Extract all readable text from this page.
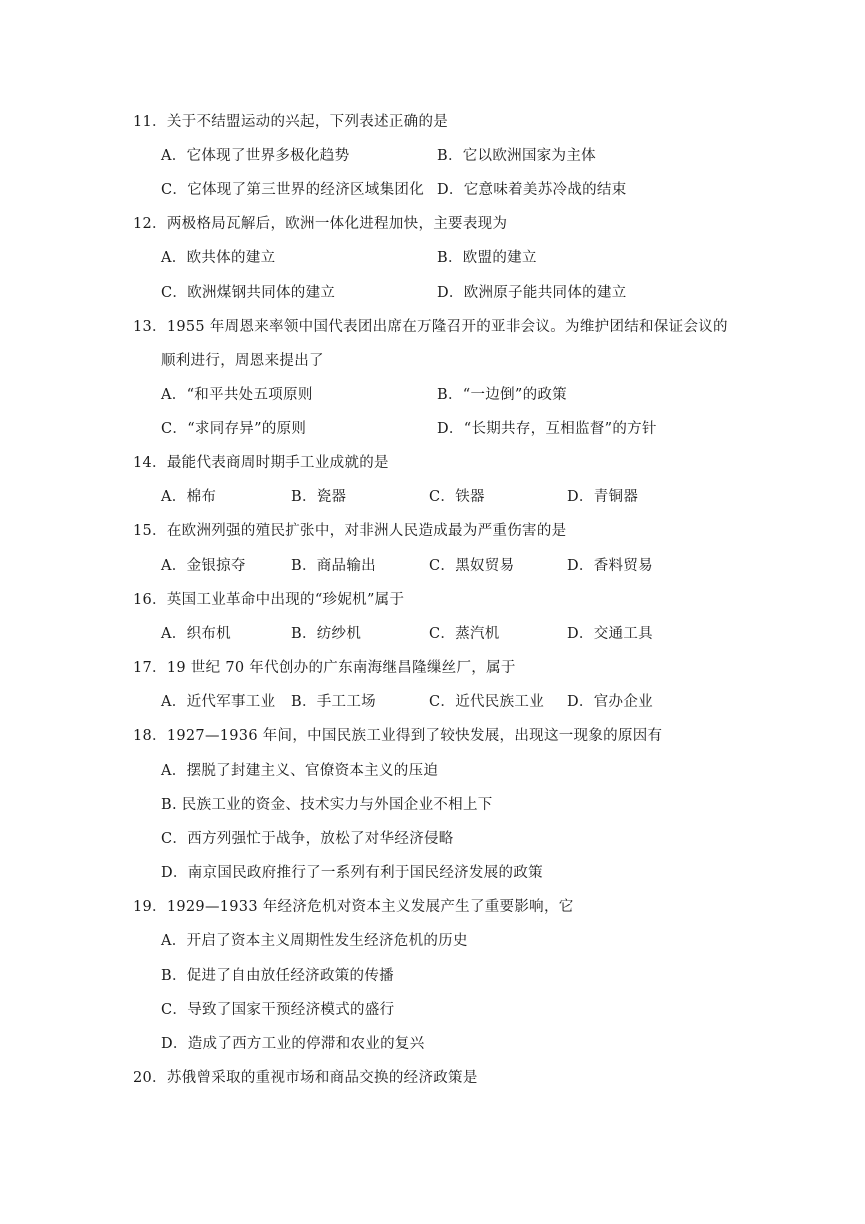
11．关于不结盟运动的兴起，下列表述正确的是
A．它体现了世界多极化趋势	B．它以欧洲国家为主体
C．它体现了第三世界的经济区域集团化 D．它意味着美苏冷战的结束
12．两极格局瓦解后，欧洲一体化进程加快，主要表现为
A．欧共体的建立	B．欧盟的建立
C．欧洲煤钢共同体的建立	D．欧洲原子能共同体的建立
13．1955 年周恩来率领中国代表团出席在万隆召开的亚非会议。为维护团结和保证会议的
顺利进行，周恩来提出了
A．“和平共处五项原则	B．“一边倒”的政策
C．“求同存异”的原则	D．“长期共存，互相监督”的方针
14．最能代表商周时期手工业成就的是
A．棉布	B．瓷器	C．铁器	D．青铜器
15．在欧洲列强的殖民扩张中，对非洲人民造成最为严重伤害的是
A．金银掠夺	B．商品输出	C．黑奴贸易	D．香料贸易
16．英国工业革命中出现的“珍妮机”属于
A．织布机	B．纺纱机	C．蒸汽机	D．交通工具
17．19 世纪 70 年代创办的广东南海继昌隆缫丝厂，属于
A．近代军事工业 B．手工工场	C．近代民族工业 D．官办企业
18．1927—1936 年间，中国民族工业得到了较快发展，出现这一现象的原因有
A．摆脱了封建主义、官僚资本主义的压迫
B. 民族工业的资金、技术实力与外国企业不相上下
C．西方列强忙于战争，放松了对华经济侵略
D．南京国民政府推行了一系列有利于国民经济发展的政策
19．1929—1933 年经济危机对资本主义发展产生了重要影响，它
A．开启了资本主义周期性发生经济危机的历史
B．促进了自由放任经济政策的传播
C．导致了国家干预经济模式的盛行
D．造成了西方工业的停滞和农业的复兴
20．苏俄曾采取的重视市场和商品交换的经济政策是
